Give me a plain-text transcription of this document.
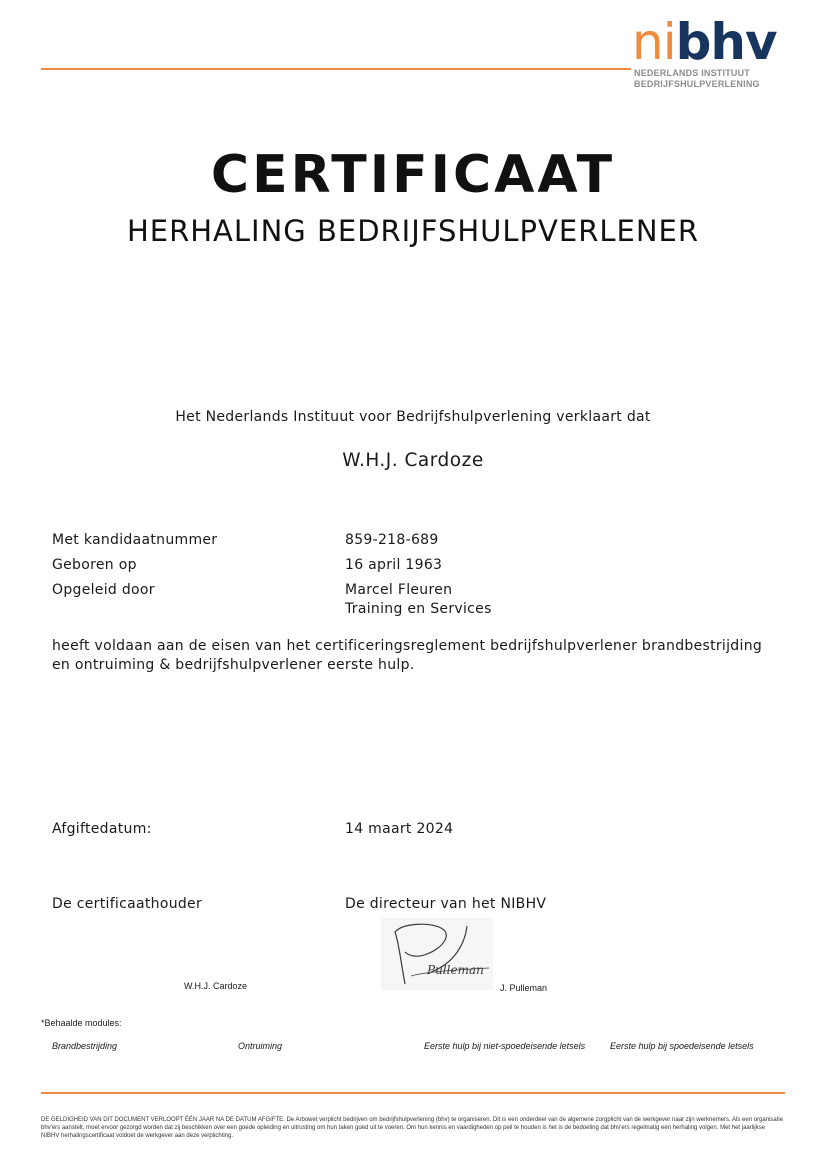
nibhv
NEDERLANDS INSTITUUT
BEDRIJFSHULPVERLENING
CERTIFICAAT
HERHALING BEDRIJFSHULPVERLENER
Het Nederlands Instituut voor Bedrijfshulpverlening verklaart dat
W.H.J. Cardoze
Met kandidaatnummer	859-218-689
Geboren op	16 april 1963
Opgeleid door	Marcel Fleuren
Training en Services
heeft voldaan aan de eisen van het certificeringsreglement bedrijfshulpverlener brandbestrijding en ontruiming & bedrijfshulpverlener eerste hulp.
Afgiftedatum:	14 maart 2024
De certificaathouder	De directeur van het NIBHV
Pulleman
W.H.J. Cardoze	J. Pulleman
*Behaalde modules:
Brandbestrijding	Ontruiming	Eerste hulp bij niet-spoedeisende letsels	Eerste hulp bij spoedeisende letsels
DE GELDIGHEID VAN DIT DOCUMENT VERLOOPT ÉÉN JAAR NA DE DATUM AFGIFTE. De Arbowet verplicht bedrijven om bedrijfshulpverlening (bhv) te organiseren. Dit is een onderdeel van de algemene zorgplicht van de werkgever naar zijn werknemers. Als een organisatie bhv'ers aanstelt, moet ervoor gezorgd worden dat zij beschikken over een goede opleiding en uitrusting om hun taken goed uit te voeren. Om hun kennis en vaardigheden op peil te houden is het is de bedoeling dat bhv'ers regelmatig een herhaling volgen. Met het jaarlijkse NIBHV herhalingscertificaat voldoet de werkgever aan deze verplichting.
